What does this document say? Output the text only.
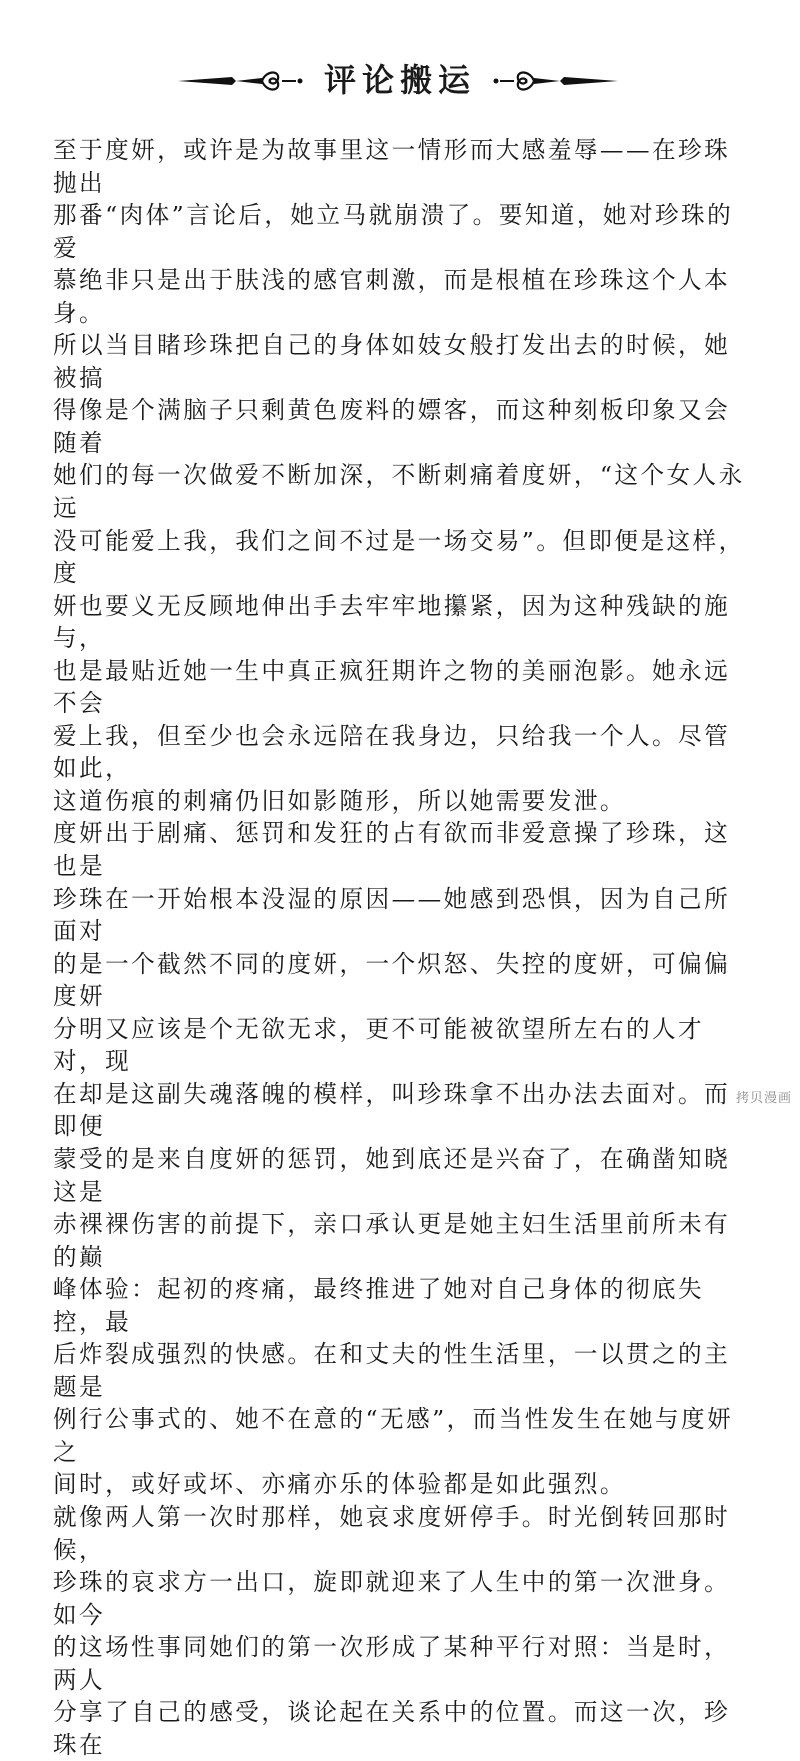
评论搬运

至于度妍，或许是为故事里这一情形而大感羞辱——在珍珠抛出
那番“肉体”言论后，她立马就崩溃了。要知道，她对珍珠的爱
慕绝非只是出于肤浅的感官刺激，而是根植在珍珠这个人本身。
所以当目睹珍珠把自己的身体如妓女般打发出去的时候，她被搞
得像是个满脑子只剩黄色废料的嫖客，而这种刻板印象又会随着
她们的每一次做爱不断加深，不断刺痛着度妍，“这个女人永远
没可能爱上我，我们之间不过是一场交易”。但即便是这样，度
妍也要义无反顾地伸出手去牢牢地攥紧，因为这种残缺的施与，
也是最贴近她一生中真正疯狂期许之物的美丽泡影。她永远不会
爱上我，但至少也会永远陪在我身边，只给我一个人。尽管如此，
这道伤痕的刺痛仍旧如影随形，所以她需要发泄。

度妍出于剧痛、惩罚和发狂的占有欲而非爱意操了珍珠，这也是
珍珠在一开始根本没湿的原因——她感到恐惧，因为自己所面对
的是一个截然不同的度妍，一个炽怒、失控的度妍，可偏偏度妍
分明又应该是个无欲无求，更不可能被欲望所左右的人才对，现
在却是这副失魂落魄的模样，叫珍珠拿不出办法去面对。而即便
蒙受的是来自度妍的惩罚，她到底还是兴奋了，在确凿知晓这是
赤裸裸伤害的前提下，亲口承认更是她主妇生活里前所未有的巅
峰体验：起初的疼痛，最终推进了她对自己身体的彻底失控，最
后炸裂成强烈的快感。在和丈夫的性生活里，一以贯之的主题是
例行公事式的、她不在意的“无感”，而当性发生在她与度妍之
间时，或好或坏、亦痛亦乐的体验都是如此强烈。

就像两人第一次时那样，她哀求度妍停手。时光倒转回那时候，
珍珠的哀求方一出口，旋即就迎来了人生中的第一次泄身。如今
的这场性事同她们的第一次形成了某种平行对照：当是时，两人
分享了自己的感受，谈论起在关系中的位置。而这一次，珍珠在

拷贝漫画
